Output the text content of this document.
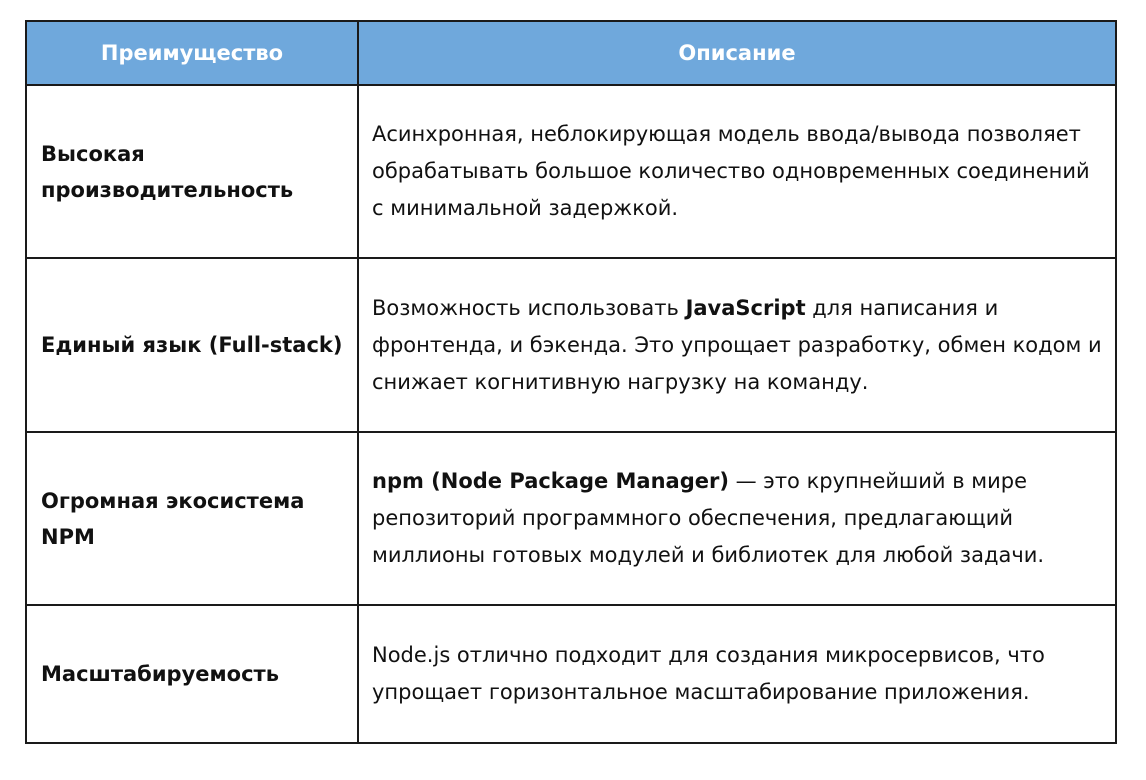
Преимущество	Описание
Высокая производительность	Асинхронная, неблокирующая модель ввода/вывода позволяет обрабатывать большое количество одновременных соединений с минимальной задержкой.
Единый язык (Full-stack)	Возможность использовать JavaScript для написания и фронтенда, и бэкенда. Это упрощает разработку, обмен кодом и снижает когнитивную нагрузку на команду.
Огромная экосистема NPM	npm (Node Package Manager) — это крупнейший в мире репозиторий программного обеспечения, предлагающий миллионы готовых модулей и библиотек для любой задачи.
Масштабируемость	Node.js отлично подходит для создания микросервисов, что упрощает горизонтальное масштабирование приложения.
